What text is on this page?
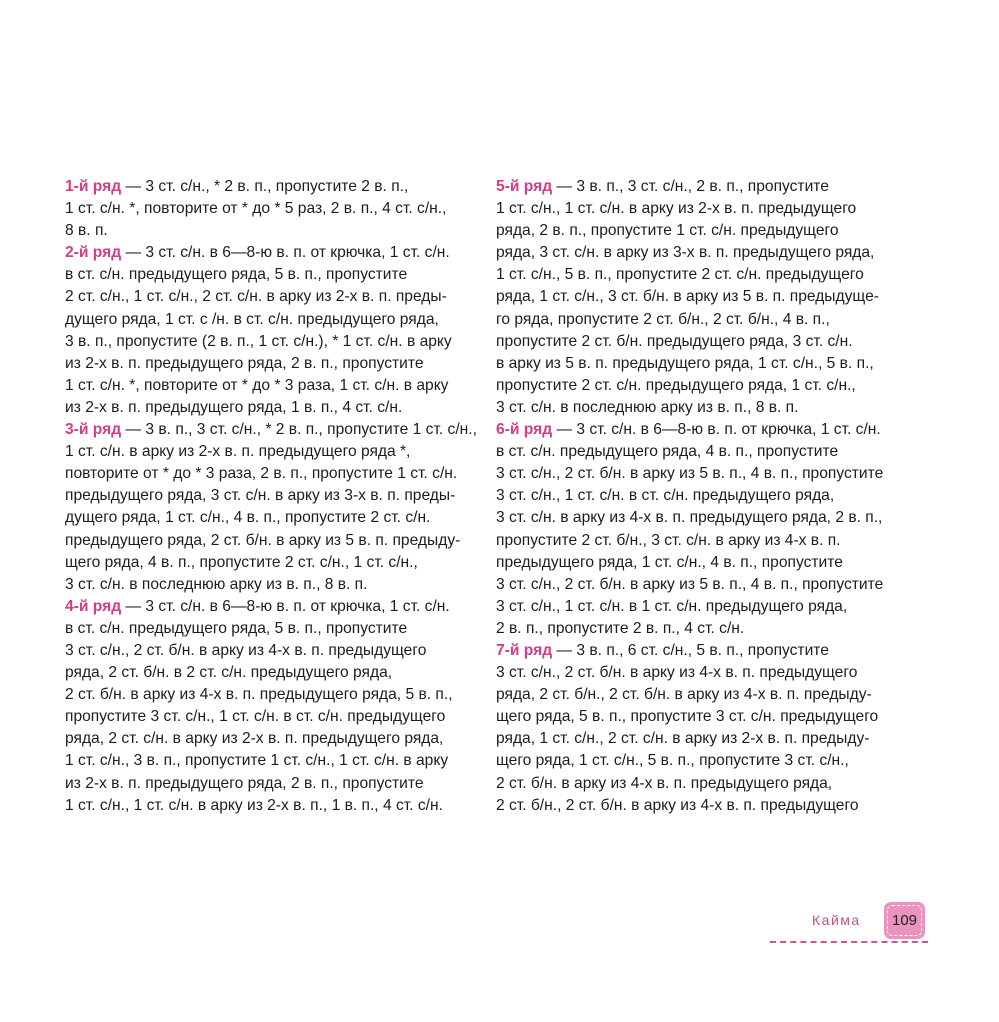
1-й ряд — 3 ст. с/н., * 2 в. п., пропустите 2 в. п.,
1 ст. с/н. *, повторите от * до * 5 раз, 2 в. п., 4 ст. с/н.,
8 в. п.
2-й ряд — 3 ст. с/н. в 6—8-ю в. п. от крючка, 1 ст. с/н.
в ст. с/н. предыдущего ряда, 5 в. п., пропустите
2 ст. с/н., 1 ст. с/н., 2 ст. с/н. в арку из 2-х в. п. преды-
дущего ряда, 1 ст. с /н. в ст. с/н. предыдущего ряда,
3 в. п., пропустите (2 в. п., 1 ст. с/н.), * 1 ст. с/н. в арку
из 2-х в. п. предыдущего ряда, 2 в. п., пропустите
1 ст. с/н. *, повторите от * до * 3 раза, 1 ст. с/н. в арку
из 2-х в. п. предыдущего ряда, 1 в. п., 4 ст. с/н.
3-й ряд — 3 в. п., 3 ст. с/н., * 2 в. п., пропустите 1 ст. с/н.,
1 ст. с/н. в арку из 2-х в. п. предыдущего ряда *,
повторите от * до * 3 раза, 2 в. п., пропустите 1 ст. с/н.
предыдущего ряда, 3 ст. с/н. в арку из 3-х в. п. преды-
дущего ряда, 1 ст. с/н., 4 в. п., пропустите 2 ст. с/н.
предыдущего ряда, 2 ст. б/н. в арку из 5 в. п. предыду-
щего ряда, 4 в. п., пропустите 2 ст. с/н., 1 ст. с/н.,
3 ст. с/н. в последнюю арку из в. п., 8 в. п.
4-й ряд — 3 ст. с/н. в 6—8-ю в. п. от крючка, 1 ст. с/н.
в ст. с/н. предыдущего ряда, 5 в. п., пропустите
3 ст. с/н., 2 ст. б/н. в арку из 4-х в. п. предыдущего
ряда, 2 ст. б/н. в 2 ст. с/н. предыдущего ряда,
2 ст. б/н. в арку из 4-х в. п. предыдущего ряда, 5 в. п.,
пропустите 3 ст. с/н., 1 ст. с/н. в ст. с/н. предыдущего
ряда, 2 ст. с/н. в арку из 2-х в. п. предыдущего ряда,
1 ст. с/н., 3 в. п., пропустите 1 ст. с/н., 1 ст. с/н. в арку
из 2-х в. п. предыдущего ряда, 2 в. п., пропустите
1 ст. с/н., 1 ст. с/н. в арку из 2-х в. п., 1 в. п., 4 ст. с/н.
5-й ряд — 3 в. п., 3 ст. с/н., 2 в. п., пропустите
1 ст. с/н., 1 ст. с/н. в арку из 2-х в. п. предыдущего
ряда, 2 в. п., пропустите 1 ст. с/н. предыдущего
ряда, 3 ст. с/н. в арку из 3-х в. п. предыдущего ряда,
1 ст. с/н., 5 в. п., пропустите 2 ст. с/н. предыдущего
ряда, 1 ст. с/н., 3 ст. б/н. в арку из 5 в. п. предыдуще-
го ряда, пропустите 2 ст. б/н., 2 ст. б/н., 4 в. п.,
пропустите 2 ст. б/н. предыдущего ряда, 3 ст. с/н.
в арку из 5 в. п. предыдущего ряда, 1 ст. с/н., 5 в. п.,
пропустите 2 ст. с/н. предыдущего ряда, 1 ст. с/н.,
3 ст. с/н. в последнюю арку из в. п., 8 в. п.
6-й ряд — 3 ст. с/н. в 6—8-ю в. п. от крючка, 1 ст. с/н.
в ст. с/н. предыдущего ряда, 4 в. п., пропустите
3 ст. с/н., 2 ст. б/н. в арку из 5 в. п., 4 в. п., пропустите
3 ст. с/н., 1 ст. с/н. в ст. с/н. предыдущего ряда,
3 ст. с/н. в арку из 4-х в. п. предыдущего ряда, 2 в. п.,
пропустите 2 ст. б/н., 3 ст. с/н. в арку из 4-х в. п.
предыдущего ряда, 1 ст. с/н., 4 в. п., пропустите
3 ст. с/н., 2 ст. б/н. в арку из 5 в. п., 4 в. п., пропустите
3 ст. с/н., 1 ст. с/н. в 1 ст. с/н. предыдущего ряда,
2 в. п., пропустите 2 в. п., 4 ст. с/н.
7-й ряд — 3 в. п., 6 ст. с/н., 5 в. п., пропустите
3 ст. с/н., 2 ст. б/н. в арку из 4-х в. п. предыдущего
ряда, 2 ст. б/н., 2 ст. б/н. в арку из 4-х в. п. предыду-
щего ряда, 5 в. п., пропустите 3 ст. с/н. предыдущего
ряда, 1 ст. с/н., 2 ст. с/н. в арку из 2-х в. п. предыду-
щего ряда, 1 ст. с/н., 5 в. п., пропустите 3 ст. с/н.,
2 ст. б/н. в арку из 4-х в. п. предыдущего ряда,
2 ст. б/н., 2 ст. б/н. в арку из 4-х в. п. предыдущего
Кайма	109
